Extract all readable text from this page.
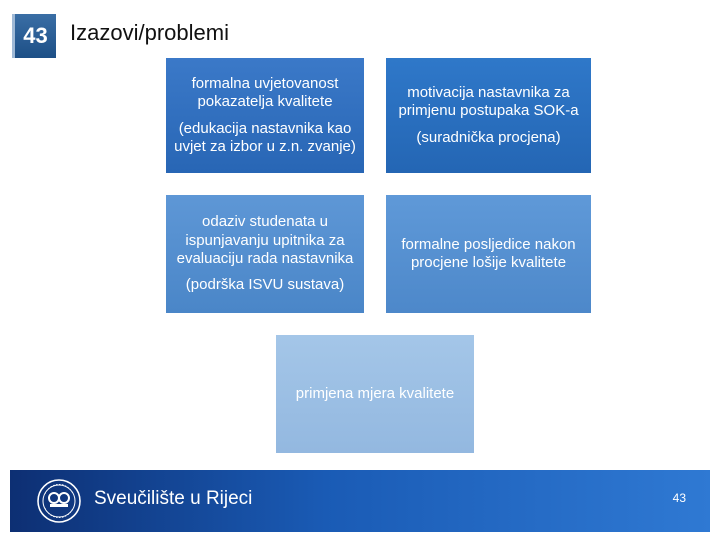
43 Izazovi/problemi
formalna uvjetovanost pokazatelja kvalitete
(edukacija nastavnika kao uvjet za izbor u z.n. zvanje)
motivacija nastavnika za primjenu postupaka SOK-a
(suradnička procjena)
odaziv studenata u ispunjavanju upitnika za evaluaciju rada nastavnika
(podrška ISVU sustava)
formalne posljedice nakon procjene lošije kvalitete
primjena mjera kvalitete
Sveučilište u Rijeci	43
